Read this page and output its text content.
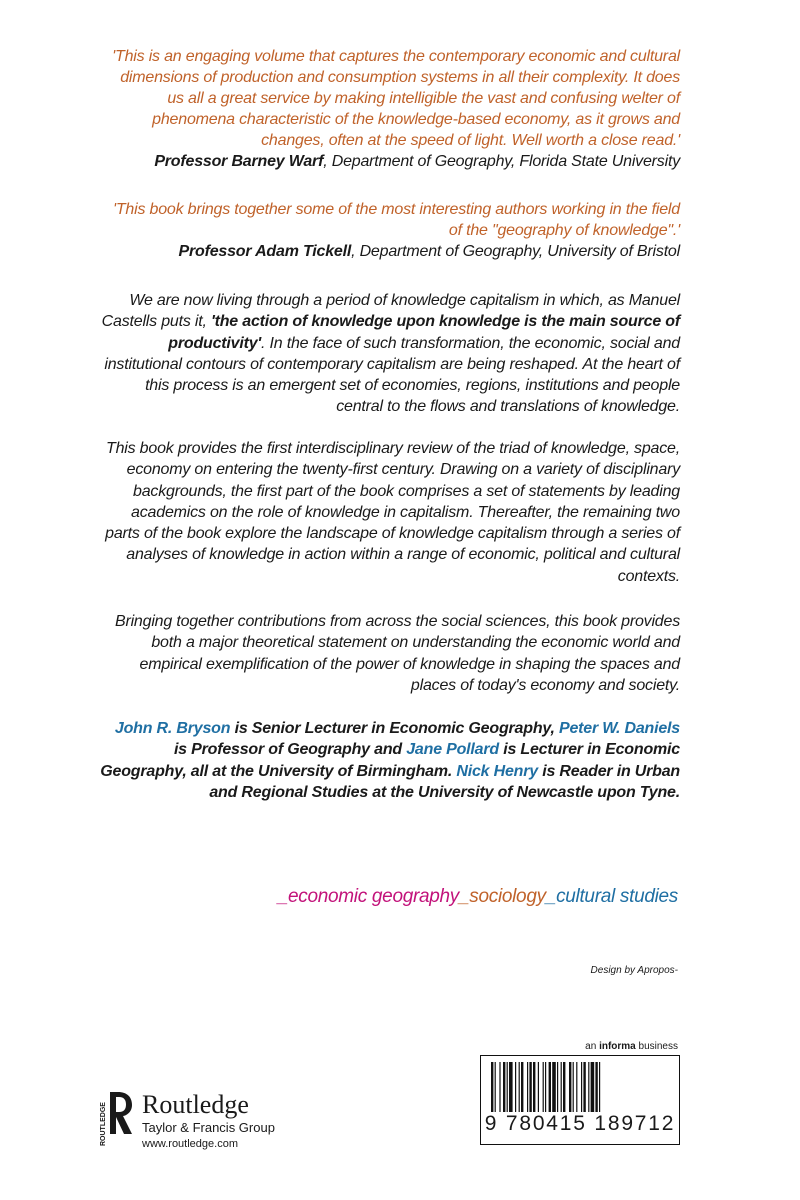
'This is an engaging volume that captures the contemporary economic and cultural dimensions of production and consumption systems in all their complexity. It does us all a great service by making intelligible the vast and confusing welter of phenomena characteristic of the knowledge-based economy, as it grows and changes, often at the speed of light. Well worth a close read.'
Professor Barney Warf, Department of Geography, Florida State University
'This book brings together some of the most interesting authors working in the field of the "geography of knowledge".'
Professor Adam Tickell, Department of Geography, University of Bristol
We are now living through a period of knowledge capitalism in which, as Manuel Castells puts it, 'the action of knowledge upon knowledge is the main source of productivity'. In the face of such transformation, the economic, social and institutional contours of contemporary capitalism are being reshaped. At the heart of this process is an emergent set of economies, regions, institutions and people central to the flows and translations of knowledge.
This book provides the first interdisciplinary review of the triad of knowledge, space, economy on entering the twenty-first century. Drawing on a variety of disciplinary backgrounds, the first part of the book comprises a set of statements by leading academics on the role of knowledge in capitalism. Thereafter, the remaining two parts of the book explore the landscape of knowledge capitalism through a series of analyses of knowledge in action within a range of economic, political and cultural contexts.
Bringing together contributions from across the social sciences, this book provides both a major theoretical statement on understanding the economic world and empirical exemplification of the power of knowledge in shaping the spaces and places of today's economy and society.
John R. Bryson is Senior Lecturer in Economic Geography, Peter W. Daniels is Professor of Geography and Jane Pollard is Lecturer in Economic Geography, all at the University of Birmingham. Nick Henry is Reader in Urban and Regional Studies at the University of Newcastle upon Tyne.
_economic geography_sociology_cultural studies
Design by Apropos-
an informa business
ROUTLEDGE Routledge
Taylor & Francis Group
www.routledge.com
9 780415 189712
